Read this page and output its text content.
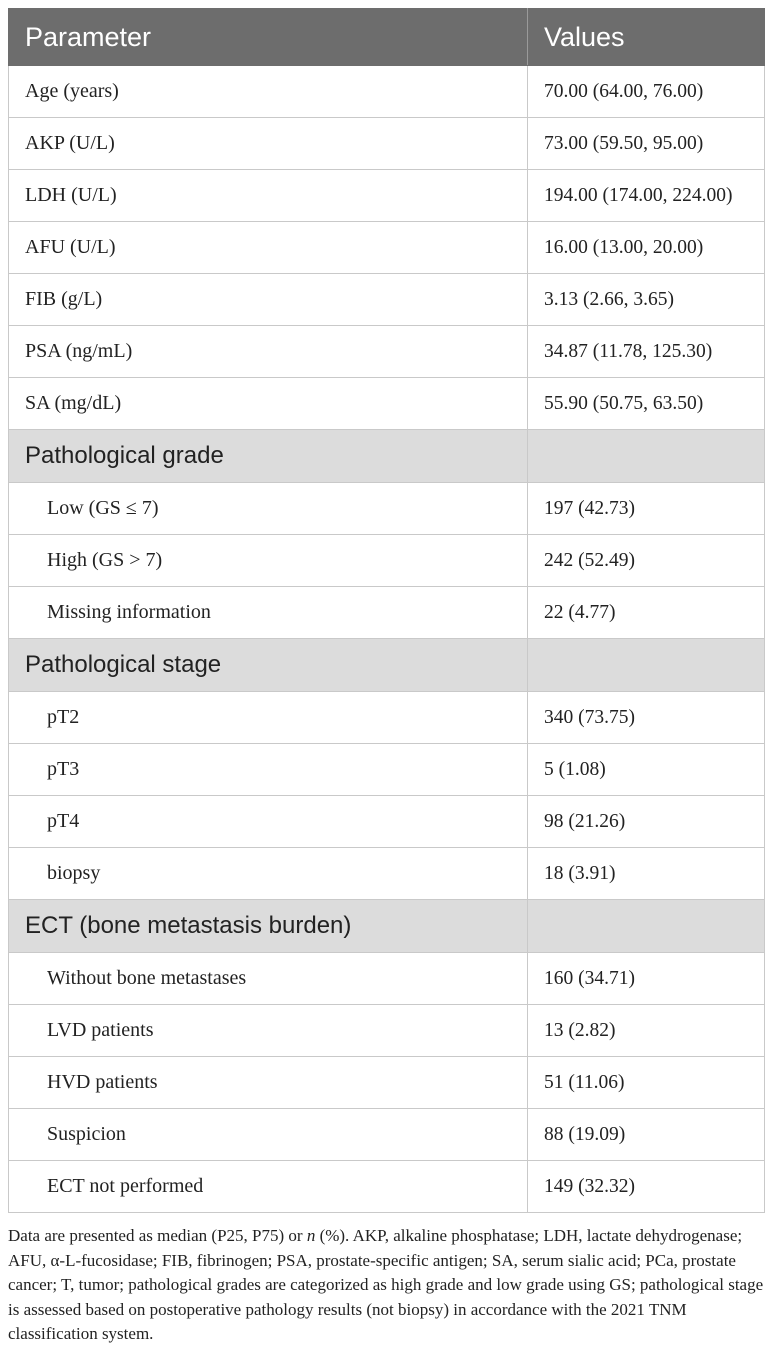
Parameter	Values
Age (years)	70.00 (64.00, 76.00)
AKP (U/L)	73.00 (59.50, 95.00)
LDH (U/L)	194.00 (174.00, 224.00)
AFU (U/L)	16.00 (13.00, 20.00)
FIB (g/L)	3.13 (2.66, 3.65)
PSA (ng/mL)	34.87 (11.78, 125.30)
SA (mg/dL)	55.90 (50.75, 63.50)
Pathological grade	
Low (GS ≤ 7)	197 (42.73)
High (GS > 7)	242 (52.49)
Missing information	22 (4.77)
Pathological stage	
pT2	340 (73.75)
pT3	5 (1.08)
pT4	98 (21.26)
biopsy	18 (3.91)
ECT (bone metastasis burden)	
Without bone metastases	160 (34.71)
LVD patients	13 (2.82)
HVD patients	51 (11.06)
Suspicion	88 (19.09)
ECT not performed	149 (32.32)

Data are presented as median (P25, P75) or n (%). AKP, alkaline phosphatase; LDH, lactate dehydrogenase; AFU, α-L-fucosidase; FIB, fibrinogen; PSA, prostate-specific antigen; SA, serum sialic acid; PCa, prostate cancer; T, tumor; pathological grades are categorized as high grade and low grade using GS; pathological stage is assessed based on postoperative pathology results (not biopsy) in accordance with the 2021 TNM classification system.
